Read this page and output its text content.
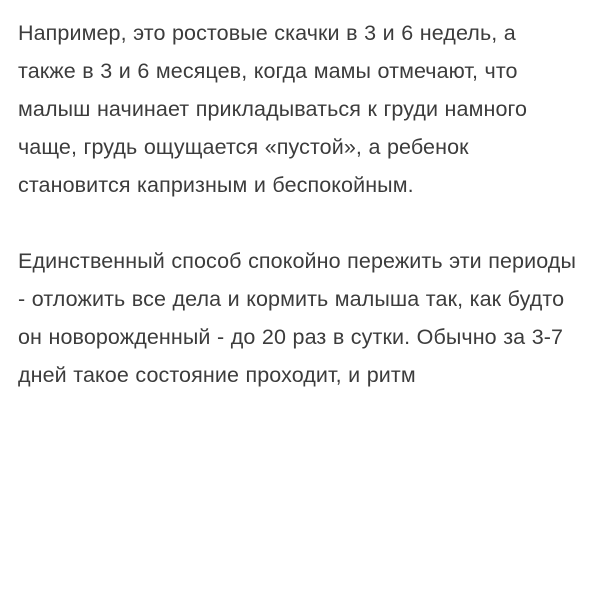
Например, это ростовые скачки в 3 и 6 недель, а также в 3 и 6 месяцев, когда мамы отмечают, что малыш начинает прикладываться к груди намного чаще, грудь ощущается «пустой», а ребенок становится капризным и беспокойным.

Единственный способ спокойно пережить эти периоды - отложить все дела и кормить малыша так, как будто он новорожденный - до 20 раз в сутки. Обычно за 3-7 дней такое состояние проходит, и ритм
